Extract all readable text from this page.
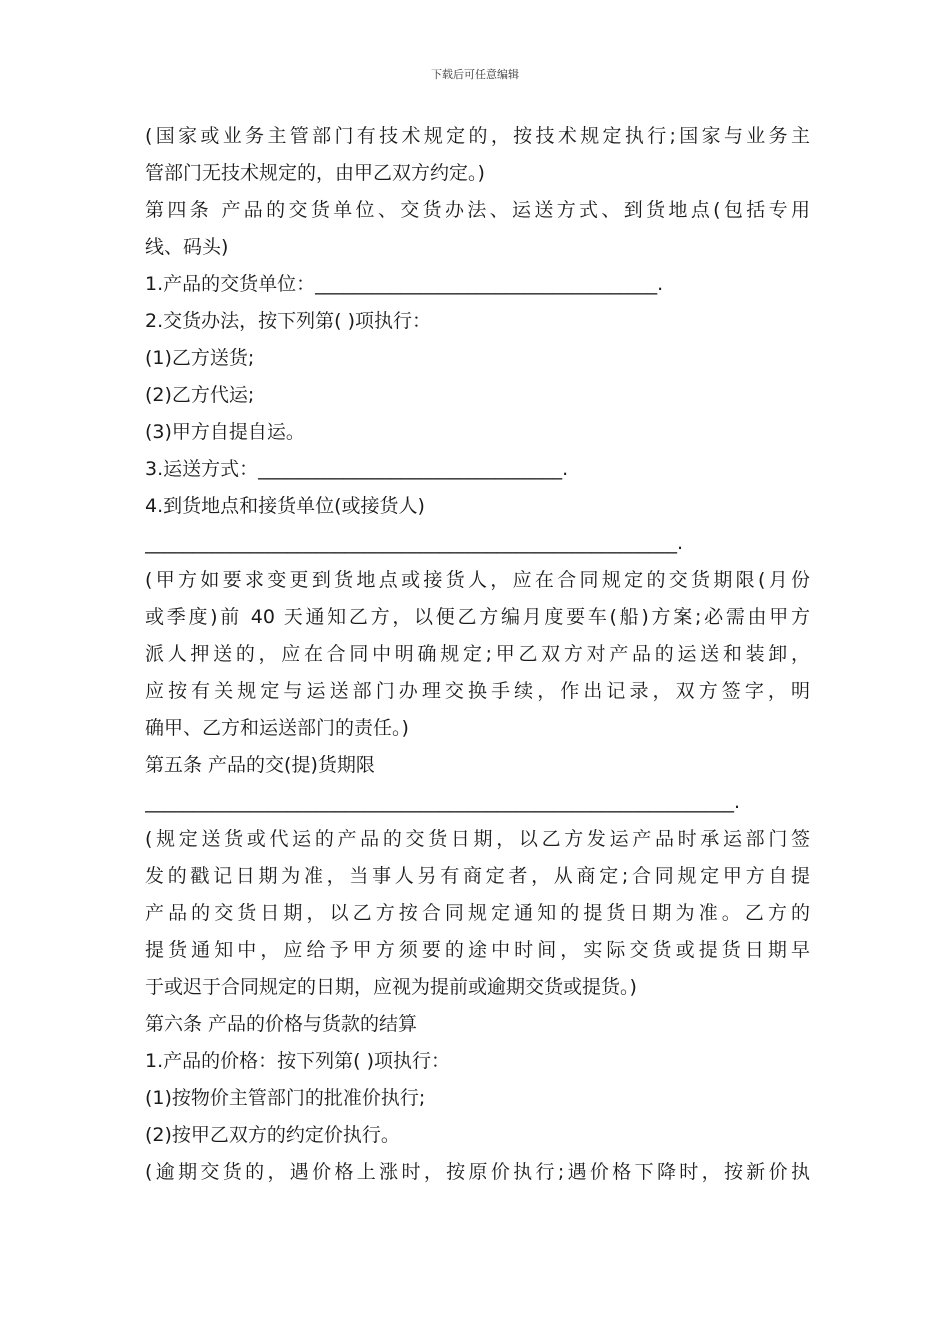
下载后可任意编辑
(国家或业务主管部门有技术规定的，按技术规定执行;国家与业务主
管部门无技术规定的，由甲乙双方约定。)
第四条 产品的交货单位、交货办法、运送方式、到货地点(包括专用
线、码头)
1.产品的交货单位：____________________________________.
2.交货办法，按下列第( )项执行：
(1)乙方送货;
(2)乙方代运;
(3)甲方自提自运。
3.运送方式：________________________________.
4.到货地点和接货单位(或接货人)
________________________________________________________.
(甲方如要求变更到货地点或接货人，应在合同规定的交货期限(月份
或季度)前 40 天通知乙方，以便乙方编月度要车(船)方案;必需由甲方
派人押送的，应在合同中明确规定;甲乙双方对产品的运送和装卸，
应按有关规定与运送部门办理交换手续，作出记录，双方签字，明
确甲、乙方和运送部门的责任。)
第五条 产品的交(提)货期限
______________________________________________________________.
(规定送货或代运的产品的交货日期，以乙方发运产品时承运部门签
发的戳记日期为准，当事人另有商定者，从商定;合同规定甲方自提
产品的交货日期，以乙方按合同规定通知的提货日期为准。乙方的
提货通知中，应给予甲方须要的途中时间，实际交货或提货日期早
于或迟于合同规定的日期，应视为提前或逾期交货或提货。)
第六条 产品的价格与货款的结算
1.产品的价格：按下列第( )项执行：
(1)按物价主管部门的批准价执行;
(2)按甲乙双方的约定价执行。
(逾期交货的，遇价格上涨时，按原价执行;遇价格下降时，按新价执
